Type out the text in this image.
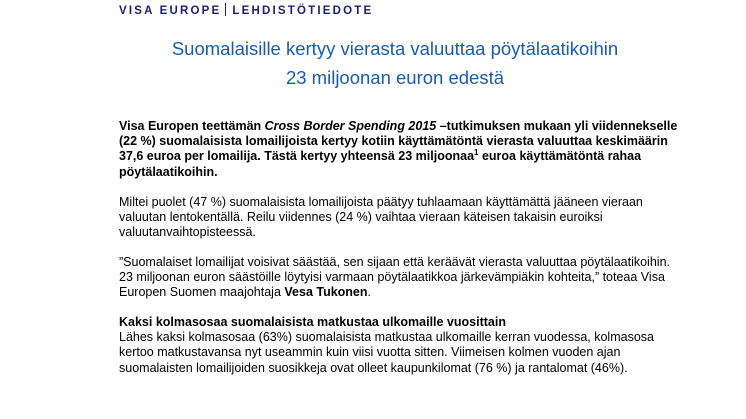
VISA EUROPE LEHDISTÖTIEDOTE
Suomalaisille kertyy vierasta valuuttaa pöytälaatikoihin
23 miljoonan euron edestä

Visa Europen teettämän Cross Border Spending 2015 –tutkimuksen mukaan yli viidennekselle (22 %) suomalaisista lomailijoista kertyy kotiin käyttämätöntä vierasta valuuttaa keskimäärin 37,6 euroa per lomailija. Tästä kertyy yhteensä 23 miljoonaa$^1$ euroa käyttämätöntä rahaa pöytälaatikoihin.

Miltei puolet (47 %) suomalaisista lomailijoista päätyy tuhlaamaan käyttämättä jääneen vieraan valuutan lentokentällä. Reilu viidennes (24 %) vaihtaa vieraan käteisen takaisin euroiksi valuutanvaihtopisteessä.

”Suomalaiset lomailijat voisivat säästää, sen sijaan että keräävät vierasta valuuttaa pöytälaatikoihin. 23 miljoonan euron säästöille löytyisi varmaan pöytälaatikkoa järkevämpiäkin kohteita,” toteaa Visa Europen Suomen maajohtaja Vesa Tukonen.

Kaksi kolmasosaa suomalaisista matkustaa ulkomaille vuosittain
Lähes kaksi kolmasosaa (63%) suomalaisista matkustaa ulkomaille kerran vuodessa, kolmasosa kertoo matkustavansa nyt useammin kuin viisi vuotta sitten. Viimeisen kolmen vuoden ajan suomalaisten lomailijoiden suosikkeja ovat olleet kaupunkilomat (76 %) ja rantalomat (46%).
